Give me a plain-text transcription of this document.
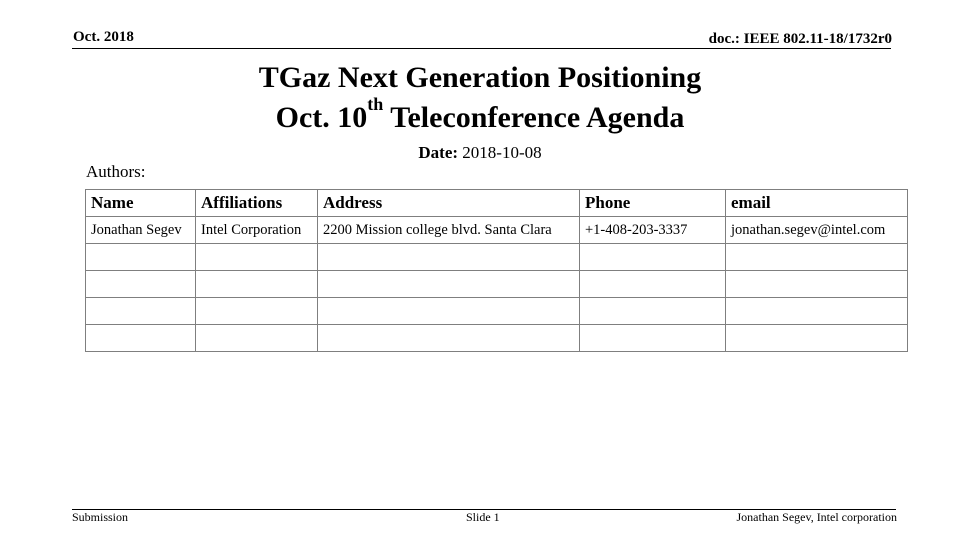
Oct. 2018	doc.: IEEE 802.11-18/1732r0
TGaz Next Generation Positioning
Oct. 10th Teleconference Agenda
Date: 2018-10-08
Authors:
Name	Affiliations	Address	Phone	email
Jonathan Segev	Intel Corporation	2200 Mission college blvd. Santa Clara	+1-408-203-3337	jonathan.segev@intel.com

Submission	Slide 1	Jonathan Segev, Intel corporation
